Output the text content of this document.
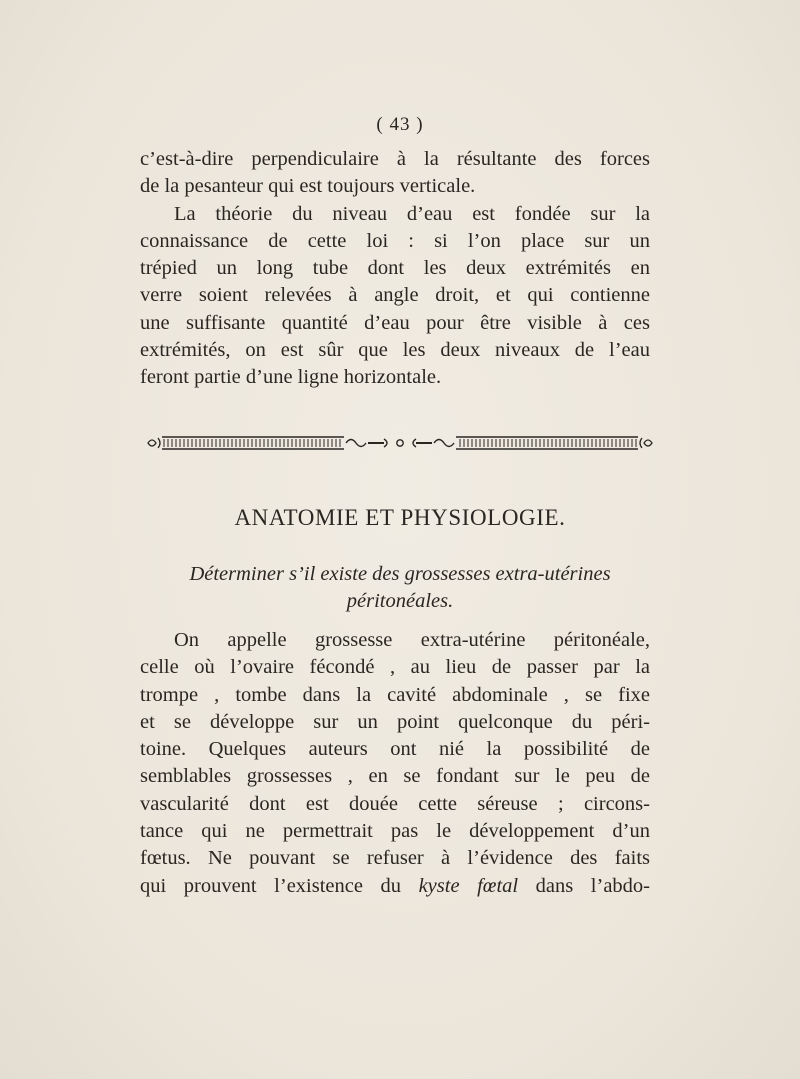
( 43 )
c’est-à-dire perpendiculaire à la résultante des forces
de la pesanteur qui est toujours verticale.
La théorie du niveau d’eau est fondée sur la
connaissance de cette loi : si l’on place sur un
trépied un long tube dont les deux extrémités en
verre soient relevées à angle droit, et qui contienne
une suffisante quantité d’eau pour être visible à ces
extrémités, on est sûr que les deux niveaux de l’eau
feront partie d’une ligne horizontale.
ANATOMIE ET PHYSIOLOGIE.
Déterminer s’il existe des grossesses extra-utérines
péritonéales.
On appelle grossesse extra-utérine péritonéale,
celle où l’ovaire fécondé , au lieu de passer par la
trompe , tombe dans la cavité abdominale , se fixe
et se développe sur un point quelconque du péri-
toine. Quelques auteurs ont nié la possibilité de
semblables grossesses , en se fondant sur le peu de
vascularité dont est douée cette séreuse ; circons-
tance qui ne permettrait pas le développement d’un
fœtus. Ne pouvant se refuser à l’évidence des faits
qui prouvent l’existence du kyste fœtal dans l’abdo-
